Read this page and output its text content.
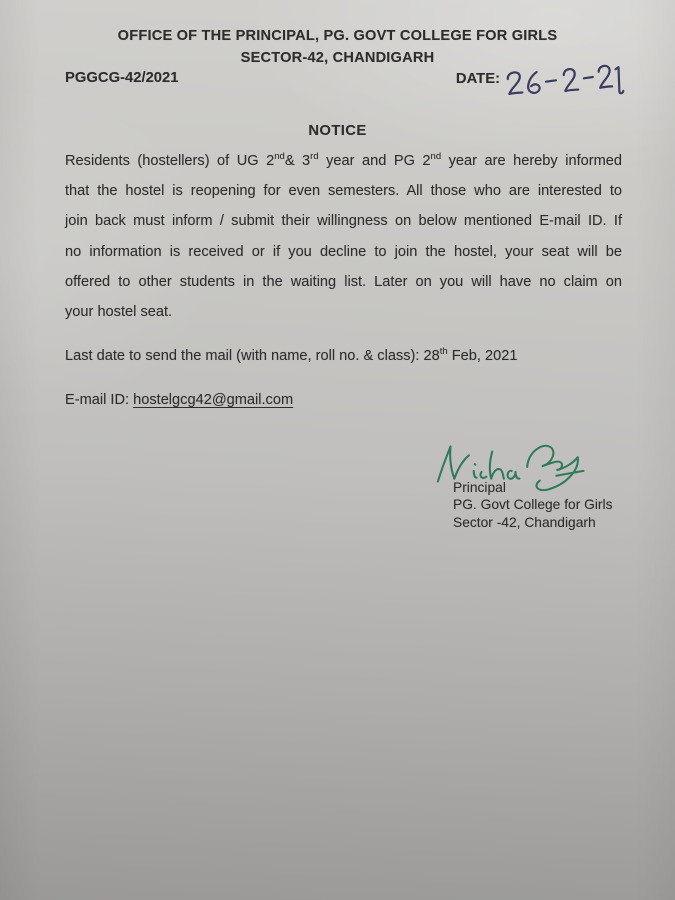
OFFICE OF THE PRINCIPAL, PG. GOVT COLLEGE FOR GIRLS
SECTOR-42, CHANDIGARH
PGGCG-42/2021	DATE:
NOTICE
Residents (hostellers) of UG 2nd& 3rd year and PG 2nd year are hereby informed
that the hostel is reopening for even semesters. All those who are interested to
join back must inform / submit their willingness on below mentioned E-mail ID. If
no information is received or if you decline to join the hostel, your seat will be
offered to other students in the waiting list. Later on you will have no claim on
your hostel seat.
Last date to send the mail (with name, roll no. & class): 28th Feb, 2021
E-mail ID: hostelgcg42@gmail.com
Principal
PG. Govt College for Girls
Sector -42, Chandigarh
